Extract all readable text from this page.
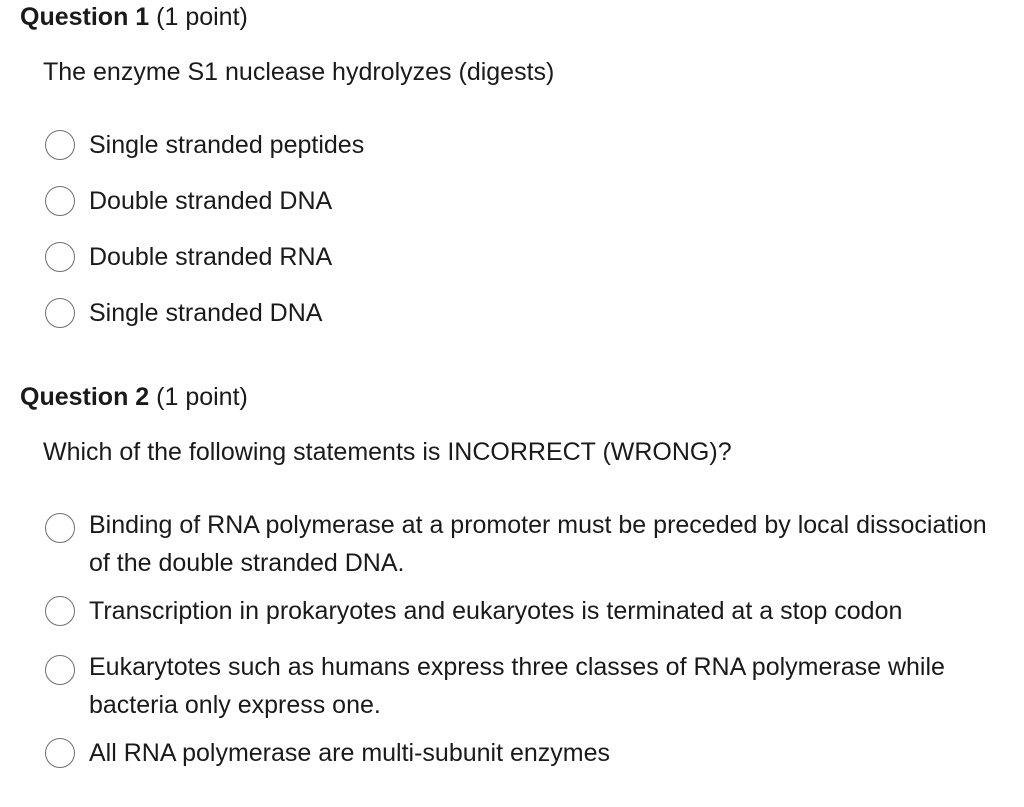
Question 1 (1 point)
The enzyme S1 nuclease hydrolyzes (digests)
Single stranded peptides
Double stranded DNA
Double stranded RNA
Single stranded DNA
Question 2 (1 point)
Which of the following statements is INCORRECT (WRONG)?
Binding of RNA polymerase at a promoter must be preceded by local dissociation of the double stranded DNA.
Transcription in prokaryotes and eukaryotes is terminated at a stop codon
Eukarytotes such as humans express three classes of RNA polymerase while bacteria only express one.
All RNA polymerase are multi-subunit enzymes
